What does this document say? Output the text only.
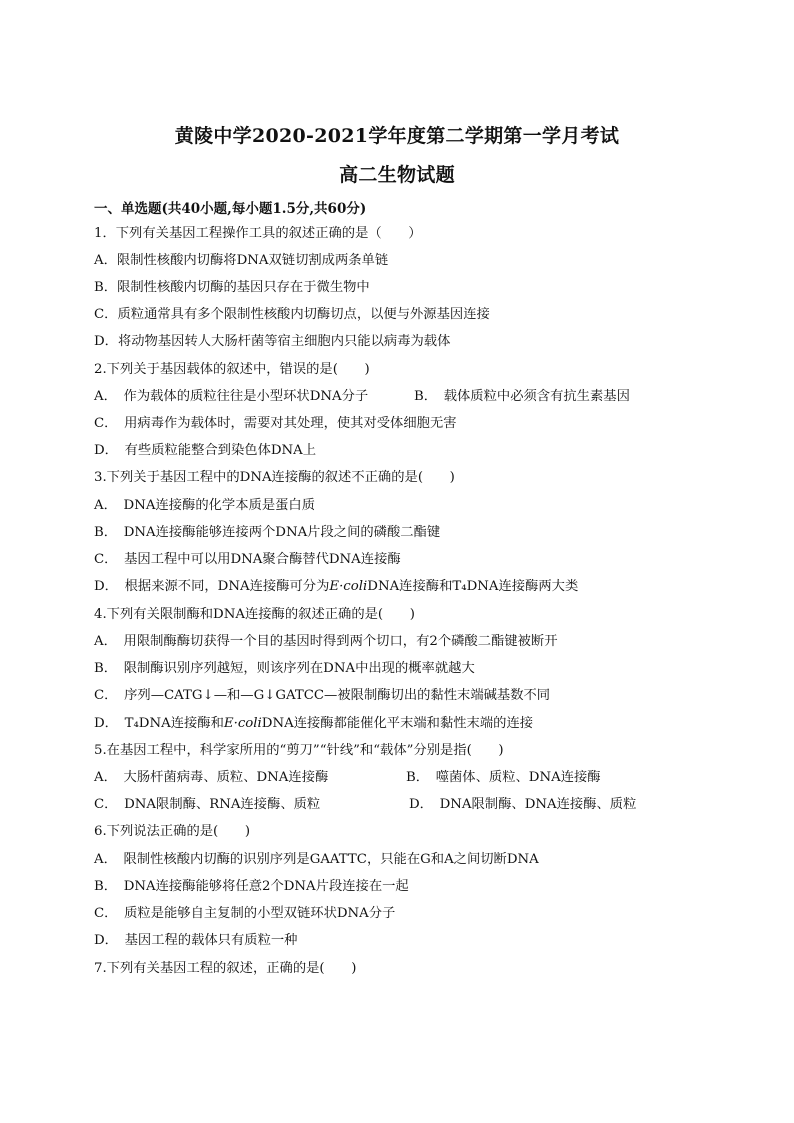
黄陵中学2020-2021学年度第二学期第一学月考试
高二生物试题
一、单选题(共40小题,每小题1.5分,共60分)
1．下列有关基因工程操作工具的叙述正确的是（　　）
A．限制性核酸内切酶将DNA双链切割成两条单链
B．限制性核酸内切酶的基因只存在于微生物中
C．质粒通常具有多个限制性核酸内切酶切点，以便与外源基因连接
D．将动物基因转人大肠杆菌等宿主细胞内只能以病毒为载体
2.下列关于基因载体的叙述中，错误的是(　　)
A．　作为载体的质粒往往是小型环状DNA分子	B．　载体质粒中必须含有抗生素基因
C．　用病毒作为载体时，需要对其处理，使其对受体细胞无害
D．　有些质粒能整合到染色体DNA上
3.下列关于基因工程中的DNA连接酶的叙述不正确的是(　　)
A．　DNA连接酶的化学本质是蛋白质
B．　DNA连接酶能够连接两个DNA片段之间的磷酸二酯键
C．　基因工程中可以用DNA聚合酶替代DNA连接酶
D．　根据来源不同，DNA连接酶可分为E·coliDNA连接酶和T₄DNA连接酶两大类
4.下列有关限制酶和DNA连接酶的叙述正确的是(　　)
A．　用限制酶酶切获得一个目的基因时得到两个切口，有2个磷酸二酯键被断开
B．　限制酶识别序列越短，则该序列在DNA中出现的概率就越大
C．　序列—CATG↓—和—G↓GATCC—被限制酶切出的黏性末端碱基数不同
D．　T₄DNA连接酶和E·coliDNA连接酶都能催化平末端和黏性末端的连接
5.在基因工程中，科学家所用的“剪刀”“针线”和“载体”分别是指(　　)
A．　大肠杆菌病毒、质粒、DNA连接酶	B．　噬菌体、质粒、DNA连接酶
C．　DNA限制酶、RNA连接酶、质粒	D．　DNA限制酶、DNA连接酶、质粒
6.下列说法正确的是(　　)
A．　限制性核酸内切酶的识别序列是GAATTC，只能在G和A之间切断DNA
B．　DNA连接酶能够将任意2个DNA片段连接在一起
C．　质粒是能够自主复制的小型双链环状DNA分子
D．　基因工程的载体只有质粒一种
7.下列有关基因工程的叙述，正确的是(　　)
